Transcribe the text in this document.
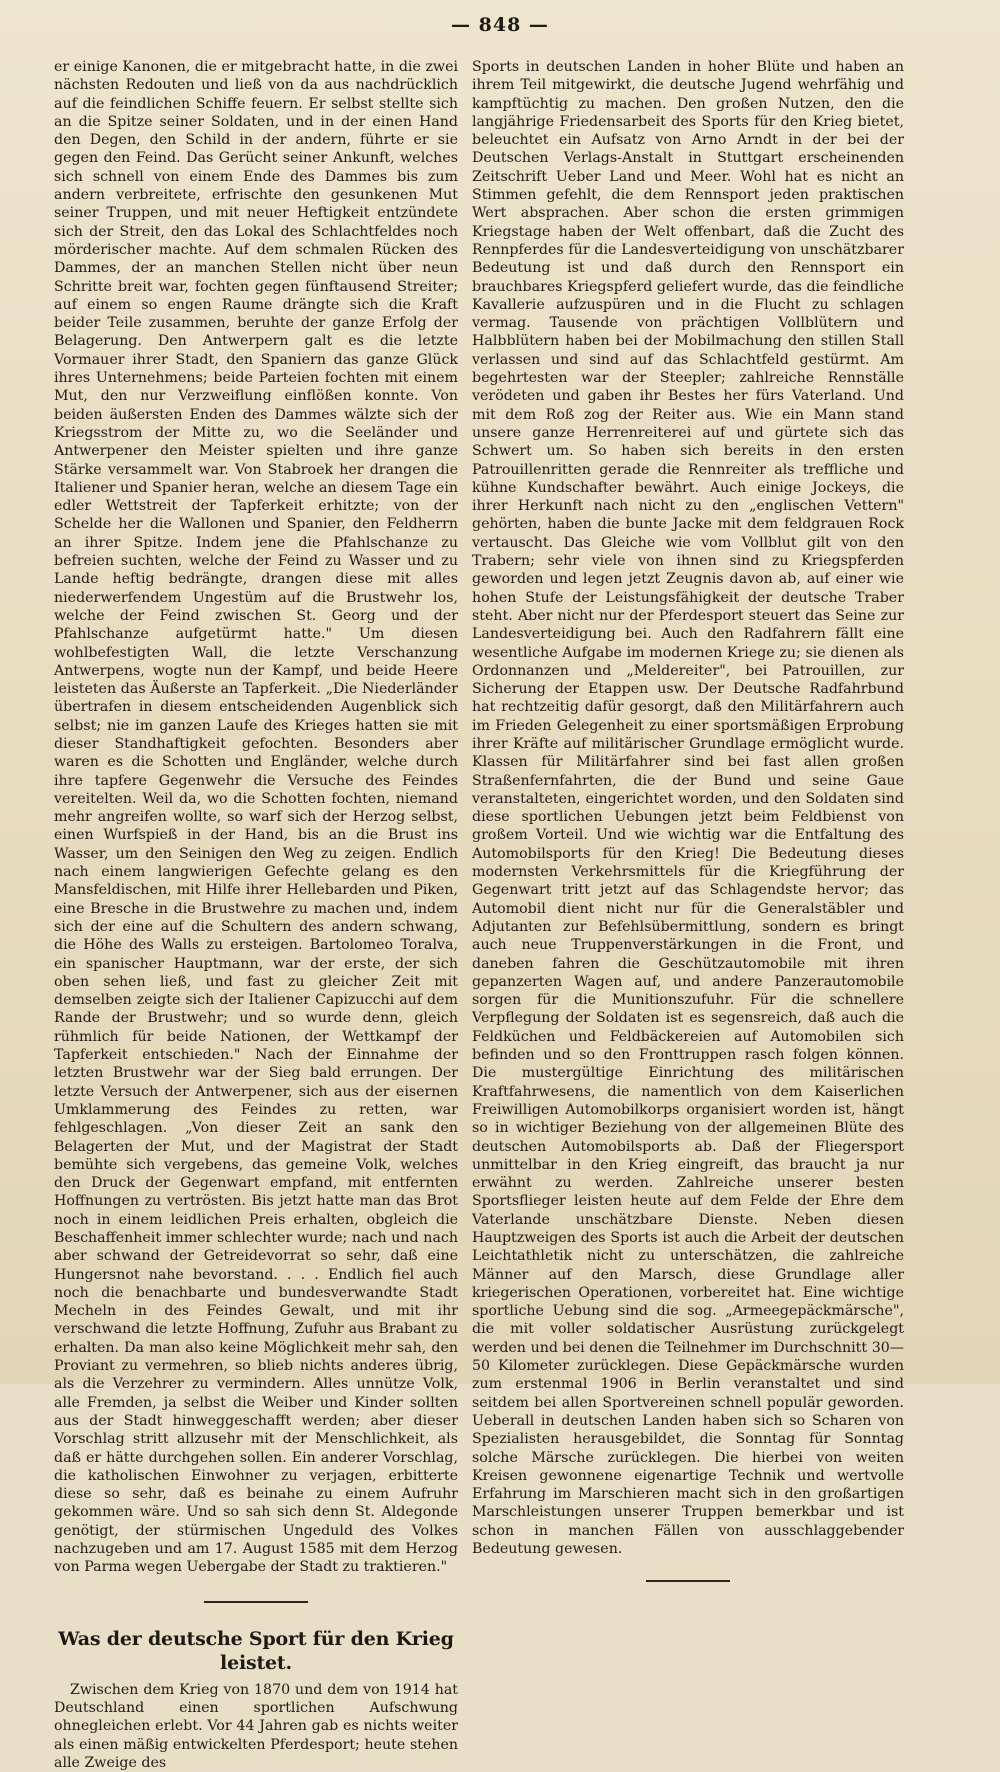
— 848 —

er einige Kanonen, die er mitgebracht hatte, in die zwei nächsten Redouten und ließ von da aus nachdrücklich auf die feindlichen Schiffe feuern. Er selbst stellte sich an die Spitze seiner Soldaten, und in der einen Hand den Degen, den Schild in der andern, führte er sie gegen den Feind. Das Gerücht seiner Ankunft, welches sich schnell von einem Ende des Dammes bis zum andern verbreitete, erfrischte den gesunkenen Mut seiner Truppen, und mit neuer Heftigkeit entzündete sich der Streit, den das Lokal des Schlachtfeldes noch mörderischer machte. Auf dem schmalen Rücken des Dammes, der an manchen Stellen nicht über neun Schritte breit war, fochten gegen fünftausend Streiter; auf einem so engen Raume drängte sich die Kraft beider Teile zusammen, beruhte der ganze Erfolg der Belagerung. Den Antwerpern galt es die letzte Vormauer ihrer Stadt, den Spaniern das ganze Glück ihres Unternehmens; beide Parteien fochten mit einem Mut, den nur Verzweiflung einflößen konnte. Von beiden äußersten Enden des Dammes wälzte sich der Kriegsstrom der Mitte zu, wo die Seeländer und Antwerpener den Meister spielten und ihre ganze Stärke versammelt war. Von Stabroek her drangen die Italiener und Spanier heran, welche an diesem Tage ein edler Wettstreit der Tapferkeit erhitzte; von der Schelde her die Wallonen und Spanier, den Feldherrn an ihrer Spitze. Indem jene die Pfahlschanze zu befreien suchten, welche der Feind zu Wasser und zu Lande heftig bedrängte, drangen diese mit alles niederwerfendem Ungestüm auf die Brustwehr los, welche der Feind zwischen St. Georg und der Pfahlschanze aufgetürmt hatte." Um diesen wohlbefestigten Wall, die letzte Verschanzung Antwerpens, wogte nun der Kampf, und beide Heere leisteten das Äußerste an Tapferkeit. „Die Niederländer übertrafen in diesem entscheidenden Augenblick sich selbst; nie im ganzen Laufe des Krieges hatten sie mit dieser Standhaftigkeit gefochten. Besonders aber waren es die Schotten und Engländer, welche durch ihre tapfere Gegenwehr die Versuche des Feindes vereitelten. Weil da, wo die Schotten fochten, niemand mehr angreifen wollte, so warf sich der Herzog selbst, einen Wurfspieß in der Hand, bis an die Brust ins Wasser, um den Seinigen den Weg zu zeigen. Endlich nach einem langwierigen Gefechte gelang es den Mansfeldischen, mit Hilfe ihrer Hellebarden und Piken, eine Bresche in die Brustwehre zu machen und, indem sich der eine auf die Schultern des andern schwang, die Höhe des Walls zu ersteigen. Bartolomeo Toralva, ein spanischer Hauptmann, war der erste, der sich oben sehen ließ, und fast zu gleicher Zeit mit demselben zeigte sich der Italiener Capizucchi auf dem Rande der Brustwehr; und so wurde denn, gleich rühmlich für beide Nationen, der Wettkampf der Tapferkeit entschieden." Nach der Einnahme der letzten Brustwehr war der Sieg bald errungen. Der letzte Versuch der Antwerpener, sich aus der eisernen Umklammerung des Feindes zu retten, war fehlgeschlagen. „Von dieser Zeit an sank den Belagerten der Mut, und der Magistrat der Stadt bemühte sich vergebens, das gemeine Volk, welches den Druck der Gegenwart empfand, mit entfernten Hoffnungen zu vertrösten. Bis jetzt hatte man das Brot noch in einem leidlichen Preis erhalten, obgleich die Beschaffenheit immer schlechter wurde; nach und nach aber schwand der Getreidevorrat so sehr, daß eine Hungersnot nahe bevorstand. . . . Endlich fiel auch noch die benachbarte und bundesverwandte Stadt Mecheln in des Feindes Gewalt, und mit ihr verschwand die letzte Hoffnung, Zufuhr aus Brabant zu erhalten. Da man also keine Möglichkeit mehr sah, den Proviant zu vermehren, so blieb nichts anderes übrig, als die Verzehrer zu vermindern. Alles unnütze Volk, alle Fremden, ja selbst die Weiber und Kinder sollten aus der Stadt hinweggeschafft werden; aber dieser Vorschlag stritt allzusehr mit der Menschlichkeit, als daß er hätte durchgehen sollen. Ein anderer Vorschlag, die katholischen Einwohner zu verjagen, erbitterte diese so sehr, daß es beinahe zu einem Aufruhr gekommen wäre. Und so sah sich denn St. Aldegonde genötigt, der stürmischen Ungeduld des Volkes nachzugeben und am 17. August 1585 mit dem Herzog von Parma wegen Uebergabe der Stadt zu traktieren."

Was der deutsche Sport für den Krieg leistet.

Zwischen dem Krieg von 1870 und dem von 1914 hat Deutschland einen sportlichen Aufschwung ohnegleichen erlebt. Vor 44 Jahren gab es nichts weiter als einen mäßig entwickelten Pferdesport; heute stehen alle Zweige des

Sports in deutschen Landen in hoher Blüte und haben an ihrem Teil mitgewirkt, die deutsche Jugend wehrfähig und kampftüchtig zu machen. Den großen Nutzen, den die langjährige Friedensarbeit des Sports für den Krieg bietet, beleuchtet ein Aufsatz von Arno Arndt in der bei der Deutschen Verlags-Anstalt in Stuttgart erscheinenden Zeitschrift Ueber Land und Meer. Wohl hat es nicht an Stimmen gefehlt, die dem Rennsport jeden praktischen Wert absprachen. Aber schon die ersten grimmigen Kriegstage haben der Welt offenbart, daß die Zucht des Rennpferdes für die Landesverteidigung von unschätzbarer Bedeutung ist und daß durch den Rennsport ein brauchbares Kriegspferd geliefert wurde, das die feindliche Kavallerie aufzuspüren und in die Flucht zu schlagen vermag. Tausende von prächtigen Vollblütern und Halbblütern haben bei der Mobilmachung den stillen Stall verlassen und sind auf das Schlachtfeld gestürmt. Am begehrtesten war der Steepler; zahlreiche Rennställe verödeten und gaben ihr Bestes her fürs Vaterland. Und mit dem Roß zog der Reiter aus. Wie ein Mann stand unsere ganze Herrenreiterei auf und gürtete sich das Schwert um. So haben sich bereits in den ersten Patrouillenritten gerade die Rennreiter als treffliche und kühne Kundschafter bewährt. Auch einige Jockeys, die ihrer Herkunft nach nicht zu den „englischen Vettern" gehörten, haben die bunte Jacke mit dem feldgrauen Rock vertauscht. Das Gleiche wie vom Vollblut gilt von den Trabern; sehr viele von ihnen sind zu Kriegspferden geworden und legen jetzt Zeugnis davon ab, auf einer wie hohen Stufe der Leistungsfähigkeit der deutsche Traber steht. Aber nicht nur der Pferdesport steuert das Seine zur Landesverteidigung bei. Auch den Radfahrern fällt eine wesentliche Aufgabe im modernen Kriege zu; sie dienen als Ordonnanzen und „Meldereiter", bei Patrouillen, zur Sicherung der Etappen usw. Der Deutsche Radfahrbund hat rechtzeitig dafür gesorgt, daß den Militärfahrern auch im Frieden Gelegenheit zu einer sportsmäßigen Erprobung ihrer Kräfte auf militärischer Grundlage ermöglicht wurde. Klassen für Militärfahrer sind bei fast allen großen Straßenfernfahrten, die der Bund und seine Gaue veranstalteten, eingerichtet worden, und den Soldaten sind diese sportlichen Uebungen jetzt beim Feldbienst von großem Vorteil. Und wie wichtig war die Entfaltung des Automobilsports für den Krieg! Die Bedeutung dieses modernsten Verkehrsmittels für die Kriegführung der Gegenwart tritt jetzt auf das Schlagendste hervor; das Automobil dient nicht nur für die Generalstäbler und Adjutanten zur Befehlsübermittlung, sondern es bringt auch neue Truppenverstärkungen in die Front, und daneben fahren die Geschützautomobile mit ihren gepanzerten Wagen auf, und andere Panzerautomobile sorgen für die Munitionszufuhr. Für die schnellere Verpflegung der Soldaten ist es segensreich, daß auch die Feldküchen und Feldbäckereien auf Automobilen sich befinden und so den Fronttruppen rasch folgen können. Die mustergültige Einrichtung des militärischen Kraftfahrwesens, die namentlich von dem Kaiserlichen Freiwilligen Automobilkorps organisiert worden ist, hängt so in wichtiger Beziehung von der allgemeinen Blüte des deutschen Automobilsports ab. Daß der Fliegersport unmittelbar in den Krieg eingreift, das braucht ja nur erwähnt zu werden. Zahlreiche unserer besten Sportsflieger leisten heute auf dem Felde der Ehre dem Vaterlande unschätzbare Dienste. Neben diesen Hauptzweigen des Sports ist auch die Arbeit der deutschen Leichtathletik nicht zu unterschätzen, die zahlreiche Männer auf den Marsch, diese Grundlage aller kriegerischen Operationen, vorbereitet hat. Eine wichtige sportliche Uebung sind die sog. „Armeegepäckmärsche", die mit voller soldatischer Ausrüstung zurückgelegt werden und bei denen die Teilnehmer im Durchschnitt 30—50 Kilometer zurücklegen. Diese Gepäckmärsche wurden zum erstenmal 1906 in Berlin veranstaltet und sind seitdem bei allen Sportvereinen schnell populär geworden. Ueberall in deutschen Landen haben sich so Scharen von Spezialisten herausgebildet, die Sonntag für Sonntag solche Märsche zurücklegen. Die hierbei von weiten Kreisen gewonnene eigenartige Technik und wertvolle Erfahrung im Marschieren macht sich in den großartigen Marschleistungen unserer Truppen bemerkbar und ist schon in manchen Fällen von ausschlaggebender Bedeutung gewesen.
